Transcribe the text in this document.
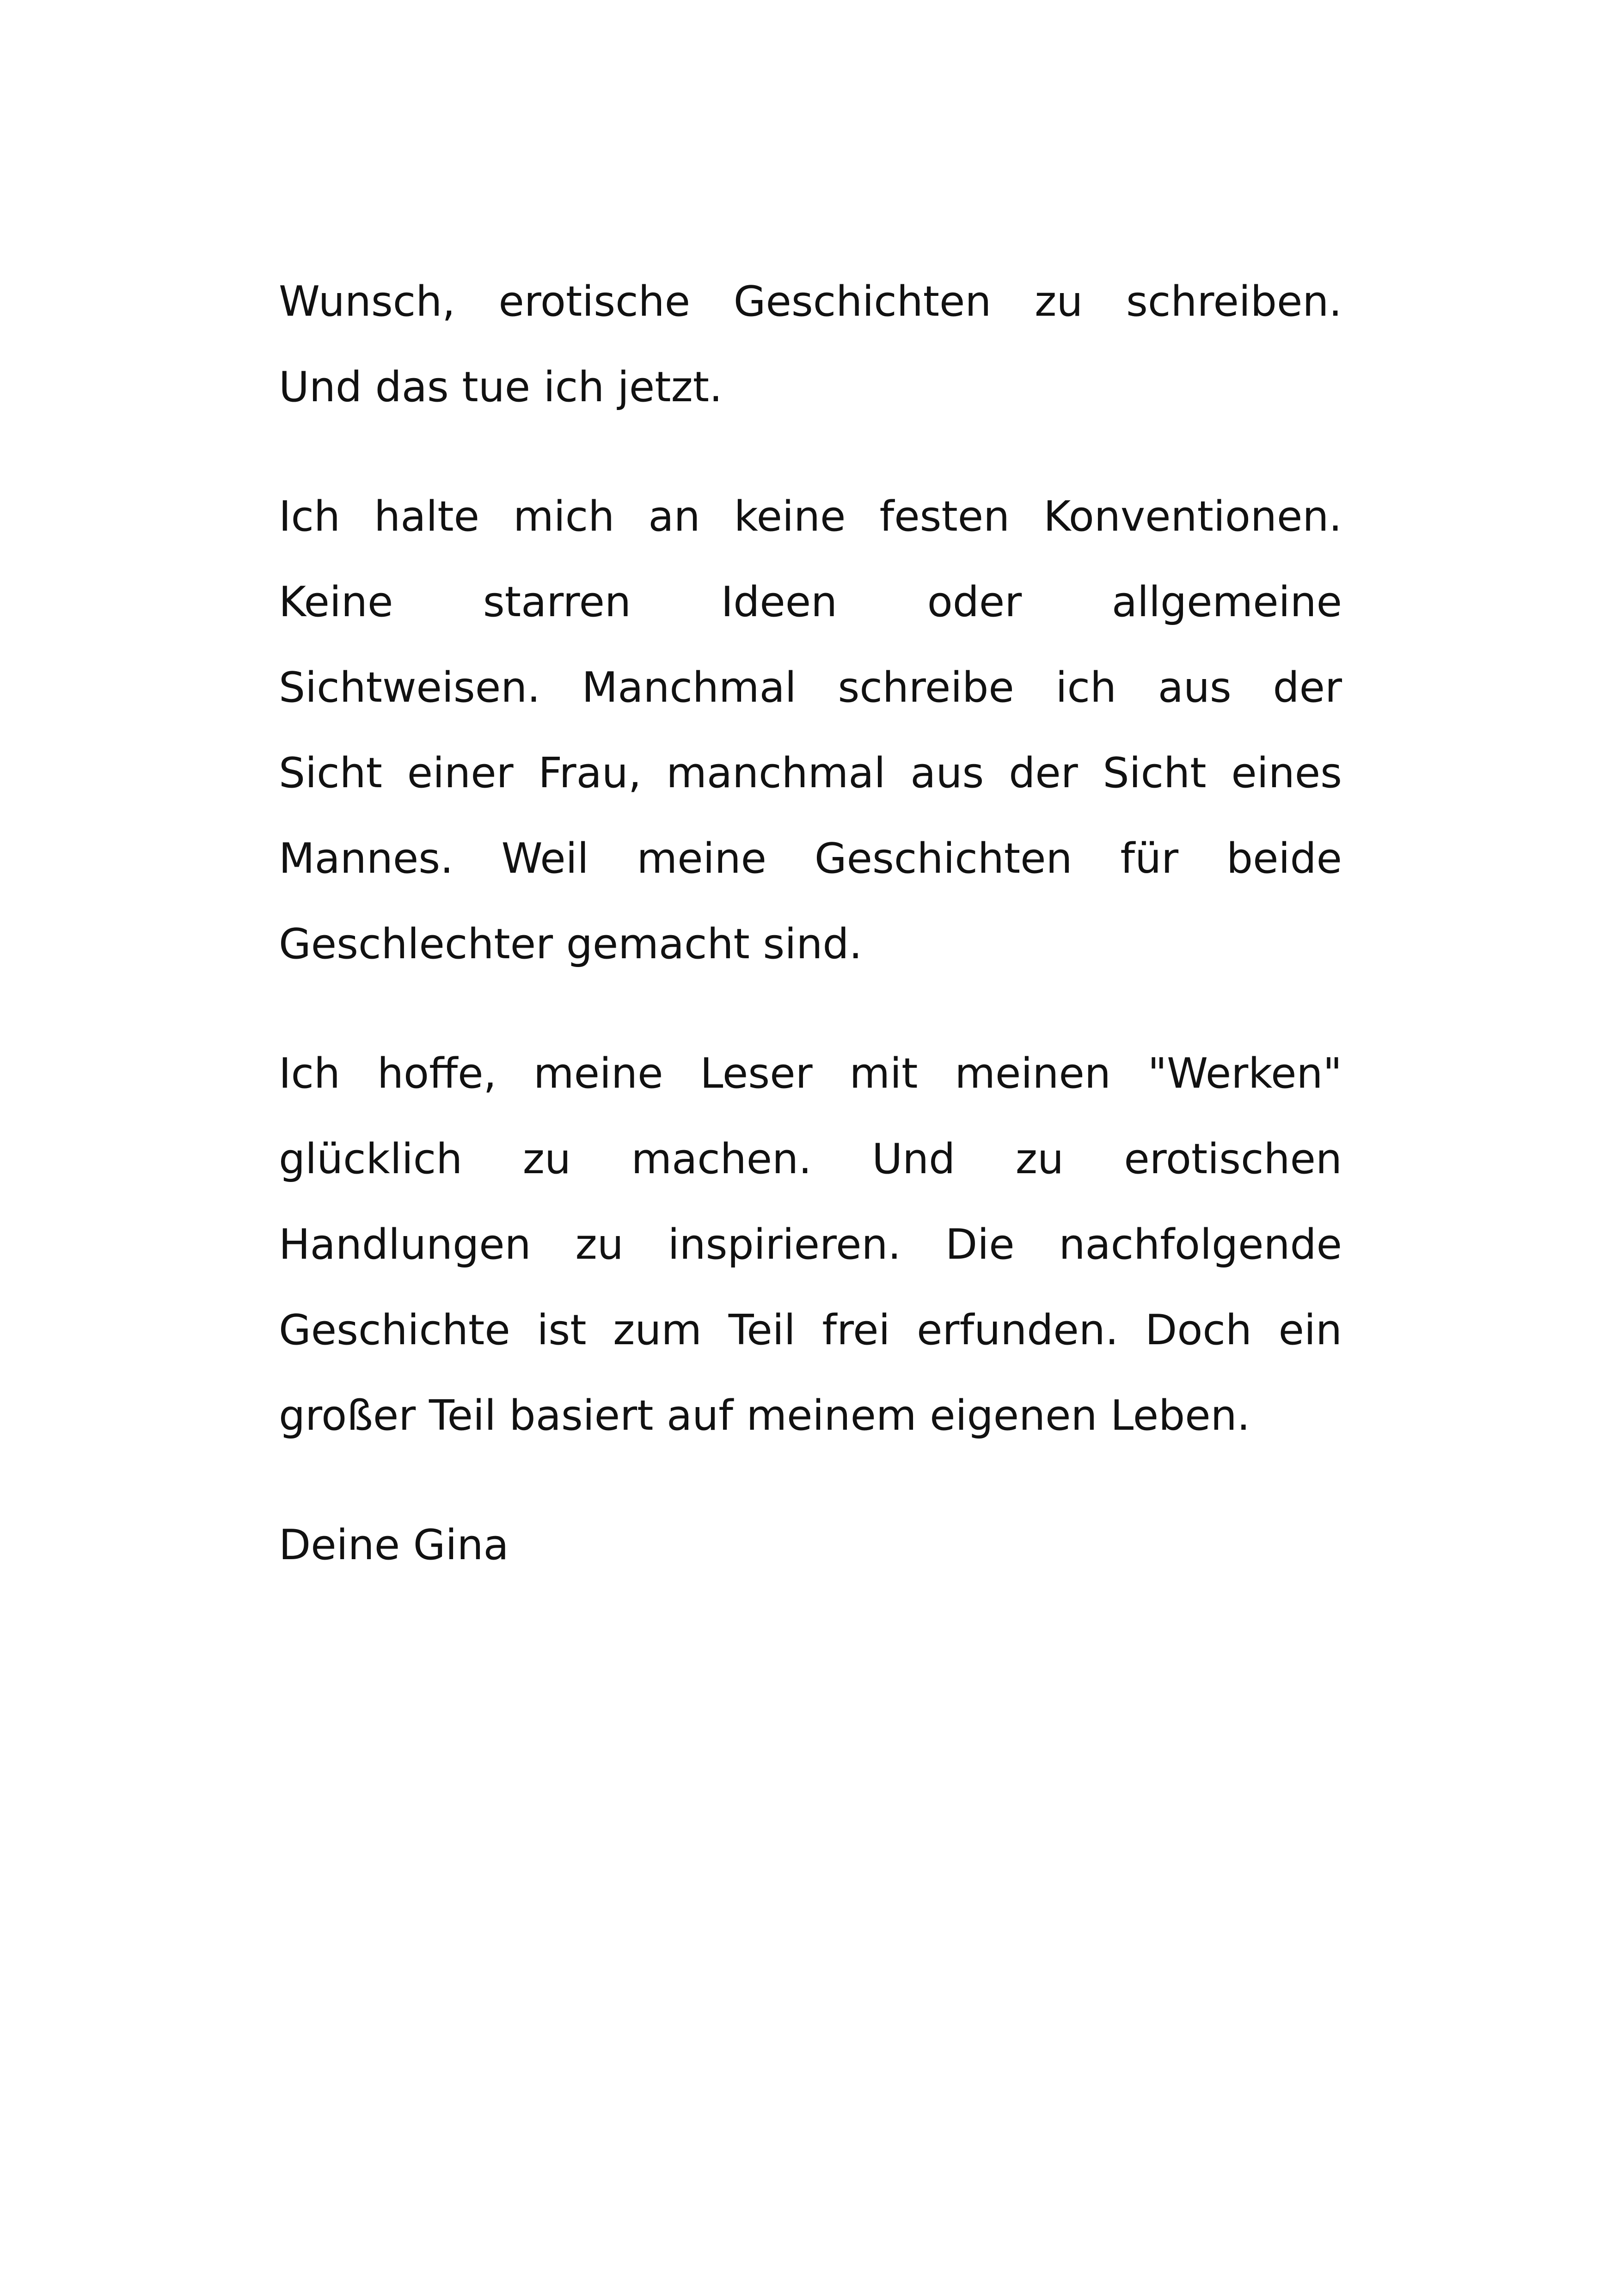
Wunsch, erotische Geschichten zu schreiben.
Und das tue ich jetzt.

Ich halte mich an keine festen Konventionen.
Keine starren Ideen oder allgemeine
Sichtweisen. Manchmal schreibe ich aus der
Sicht einer Frau, manchmal aus der Sicht eines
Mannes. Weil meine Geschichten für beide
Geschlechter gemacht sind.

Ich hoffe, meine Leser mit meinen "Werken"
glücklich zu machen. Und zu erotischen
Handlungen zu inspirieren. Die nachfolgende
Geschichte ist zum Teil frei erfunden. Doch ein
großer Teil basiert auf meinem eigenen Leben.

Deine Gina
